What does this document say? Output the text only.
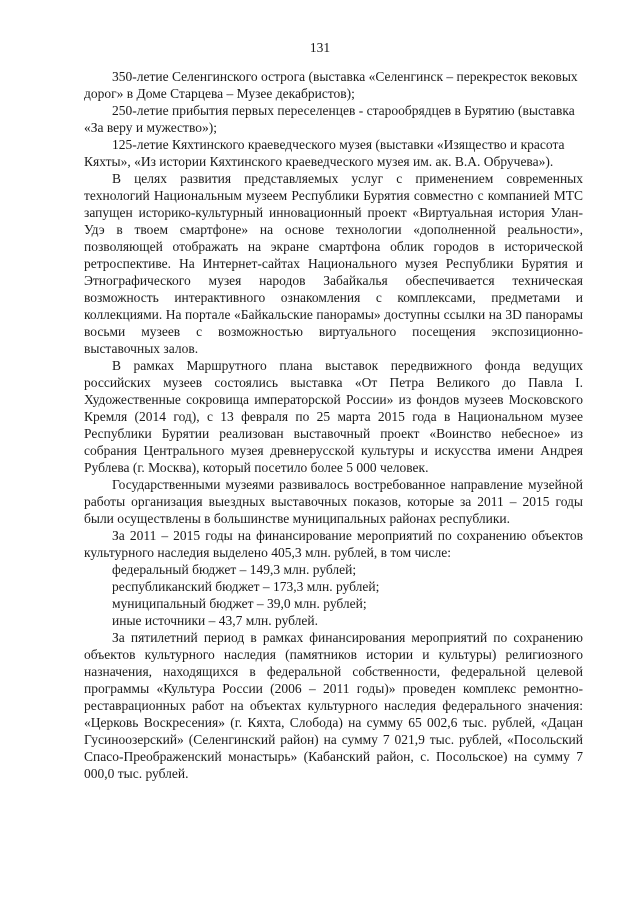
131

350-летие Селенгинского острога (выставка «Селенгинск – перекресток вековых дорог» в Доме Старцева – Музее декабристов);

250-летие прибытия первых переселенцев - старообрядцев в Бурятию (выставка «За веру и мужество»);

125-летие Кяхтинского краеведческого музея (выставки «Изящество и красота Кяхты», «Из истории Кяхтинского краеведческого музея им. ак. В.А. Обручева»).

В целях развития представляемых услуг с применением современных технологий Национальным музеем Республики Бурятия совместно с компанией МТС запущен историко-культурный инновационный проект «Виртуальная история Улан-Удэ в твоем смартфоне» на основе технологии «дополненной реальности», позволяющей отображать на экране смартфона облик городов в исторической ретроспективе. На Интернет-сайтах Национального музея Республики Бурятия и Этнографического музея народов Забайкалья обеспечивается техническая возможность интерактивного ознакомления с комплексами, предметами и коллекциями. На портале «Байкальские панорамы» доступны ссылки на 3D панорамы восьми музеев с возможностью виртуального посещения экспозиционно-выставочных залов.

В рамках Маршрутного плана выставок передвижного фонда ведущих российских музеев состоялись выставка «От Петра Великого до Павла I. Художественные сокровища императорской России» из фондов музеев Московского Кремля (2014 год), с 13 февраля по 25 марта 2015 года в Национальном музее Республики Бурятии реализован выставочный проект «Воинство небесное» из собрания Центрального музея древнерусской культуры и искусства имени Андрея Рублева (г. Москва), который посетило более 5 000 человек.

Государственными музеями развивалось востребованное направление музейной работы организация выездных выставочных показов, которые за 2011 – 2015 годы были осуществлены в большинстве муниципальных районах республики.

За 2011 – 2015 годы на финансирование мероприятий по сохранению объектов культурного наследия выделено 405,3 млн. рублей, в том числе:

федеральный бюджет – 149,3 млн. рублей;

республиканский бюджет – 173,3 млн. рублей;

муниципальный бюджет – 39,0 млн. рублей;

иные источники – 43,7 млн. рублей.

За пятилетний период в рамках финансирования мероприятий по сохранению объектов культурного наследия (памятников истории и культуры) религиозного назначения, находящихся в федеральной собственности, федеральной целевой программы «Культура России (2006 – 2011 годы)» проведен комплекс ремонтно-реставрационных работ на объектах культурного наследия федерального значения: «Церковь Воскресения» (г. Кяхта, Слобода) на сумму 65 002,6 тыс. рублей, «Дацан Гусиноозерский» (Селенгинский район) на сумму 7 021,9 тыс. рублей, «Посольский Спасо-Преображенский монастырь» (Кабанский район, с. Посольское) на сумму 7 000,0 тыс. рублей.
